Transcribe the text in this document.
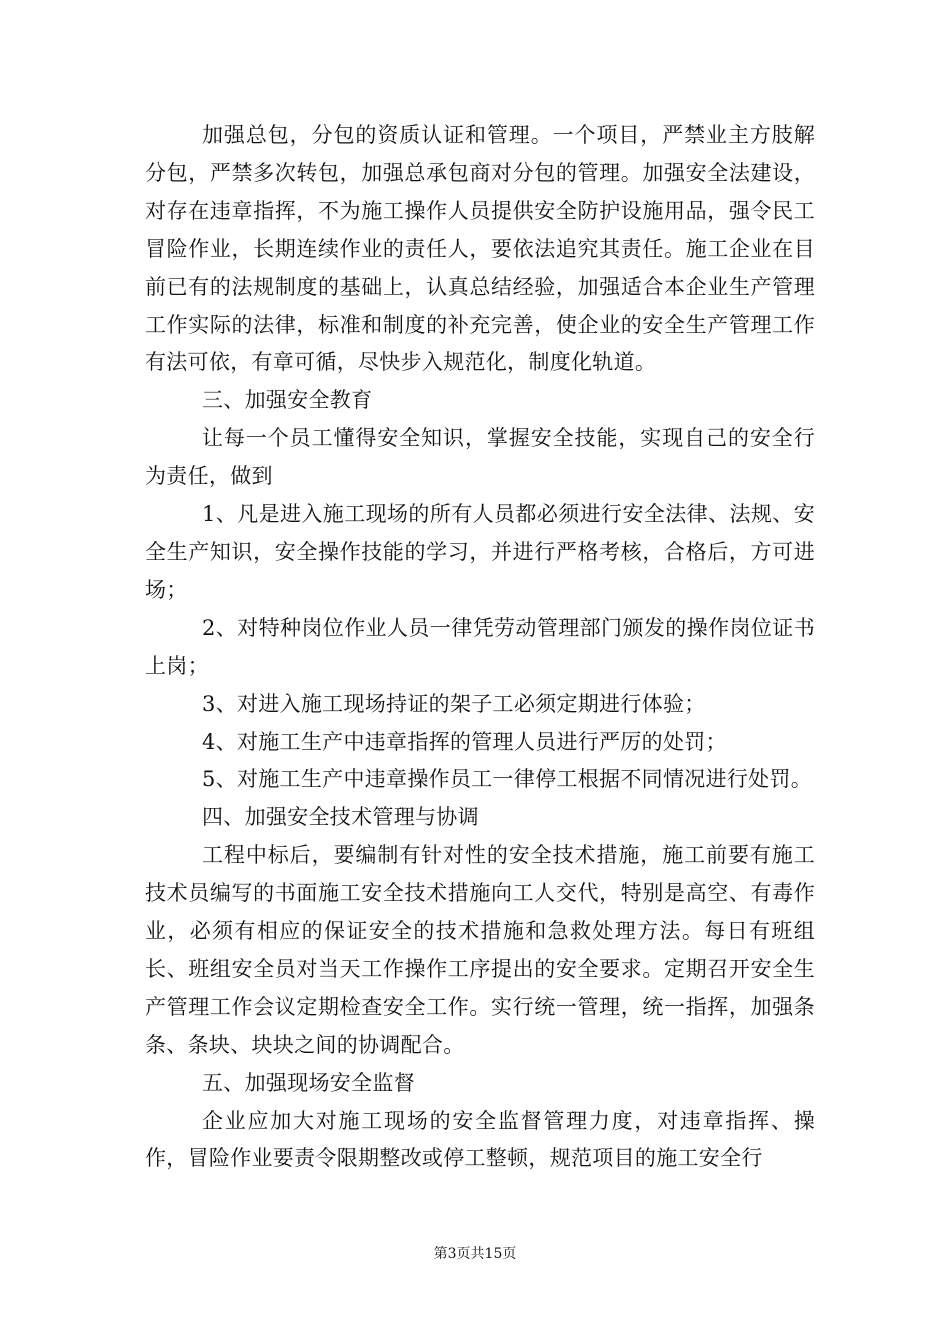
加强总包，分包的资质认证和管理。一个项目，严禁业主方肢解分包，严禁多次转包，加强总承包商对分包的管理。加强安全法建设，对存在违章指挥，不为施工操作人员提供安全防护设施用品，强令民工冒险作业，长期连续作业的责任人，要依法追究其责任。施工企业在目前已有的法规制度的基础上，认真总结经验，加强适合本企业生产管理工作实际的法律，标准和制度的补充完善，使企业的安全生产管理工作有法可依，有章可循，尽快步入规范化，制度化轨道。

三、加强安全教育

让每一个员工懂得安全知识，掌握安全技能，实现自己的安全行为责任，做到

1、凡是进入施工现场的所有人员都必须进行安全法律、法规、安全生产知识，安全操作技能的学习，并进行严格考核，合格后，方可进场；

2、对特种岗位作业人员一律凭劳动管理部门颁发的操作岗位证书上岗；

3、对进入施工现场持证的架子工必须定期进行体验；

4、对施工生产中违章指挥的管理人员进行严厉的处罚；

5、对施工生产中违章操作员工一律停工根据不同情况进行处罚。

四、加强安全技术管理与协调

工程中标后，要编制有针对性的安全技术措施，施工前要有施工技术员编写的书面施工安全技术措施向工人交代，特别是高空、有毒作业，必须有相应的保证安全的技术措施和急救处理方法。每日有班组长、班组安全员对当天工作操作工序提出的安全要求。定期召开安全生产管理工作会议定期检查安全工作。实行统一管理，统一指挥，加强条条、条块、块块之间的协调配合。

五、加强现场安全监督

企业应加大对施工现场的安全监督管理力度，对违章指挥、操作，冒险作业要责令限期整改或停工整顿，规范项目的施工安全行

第3页共15页
